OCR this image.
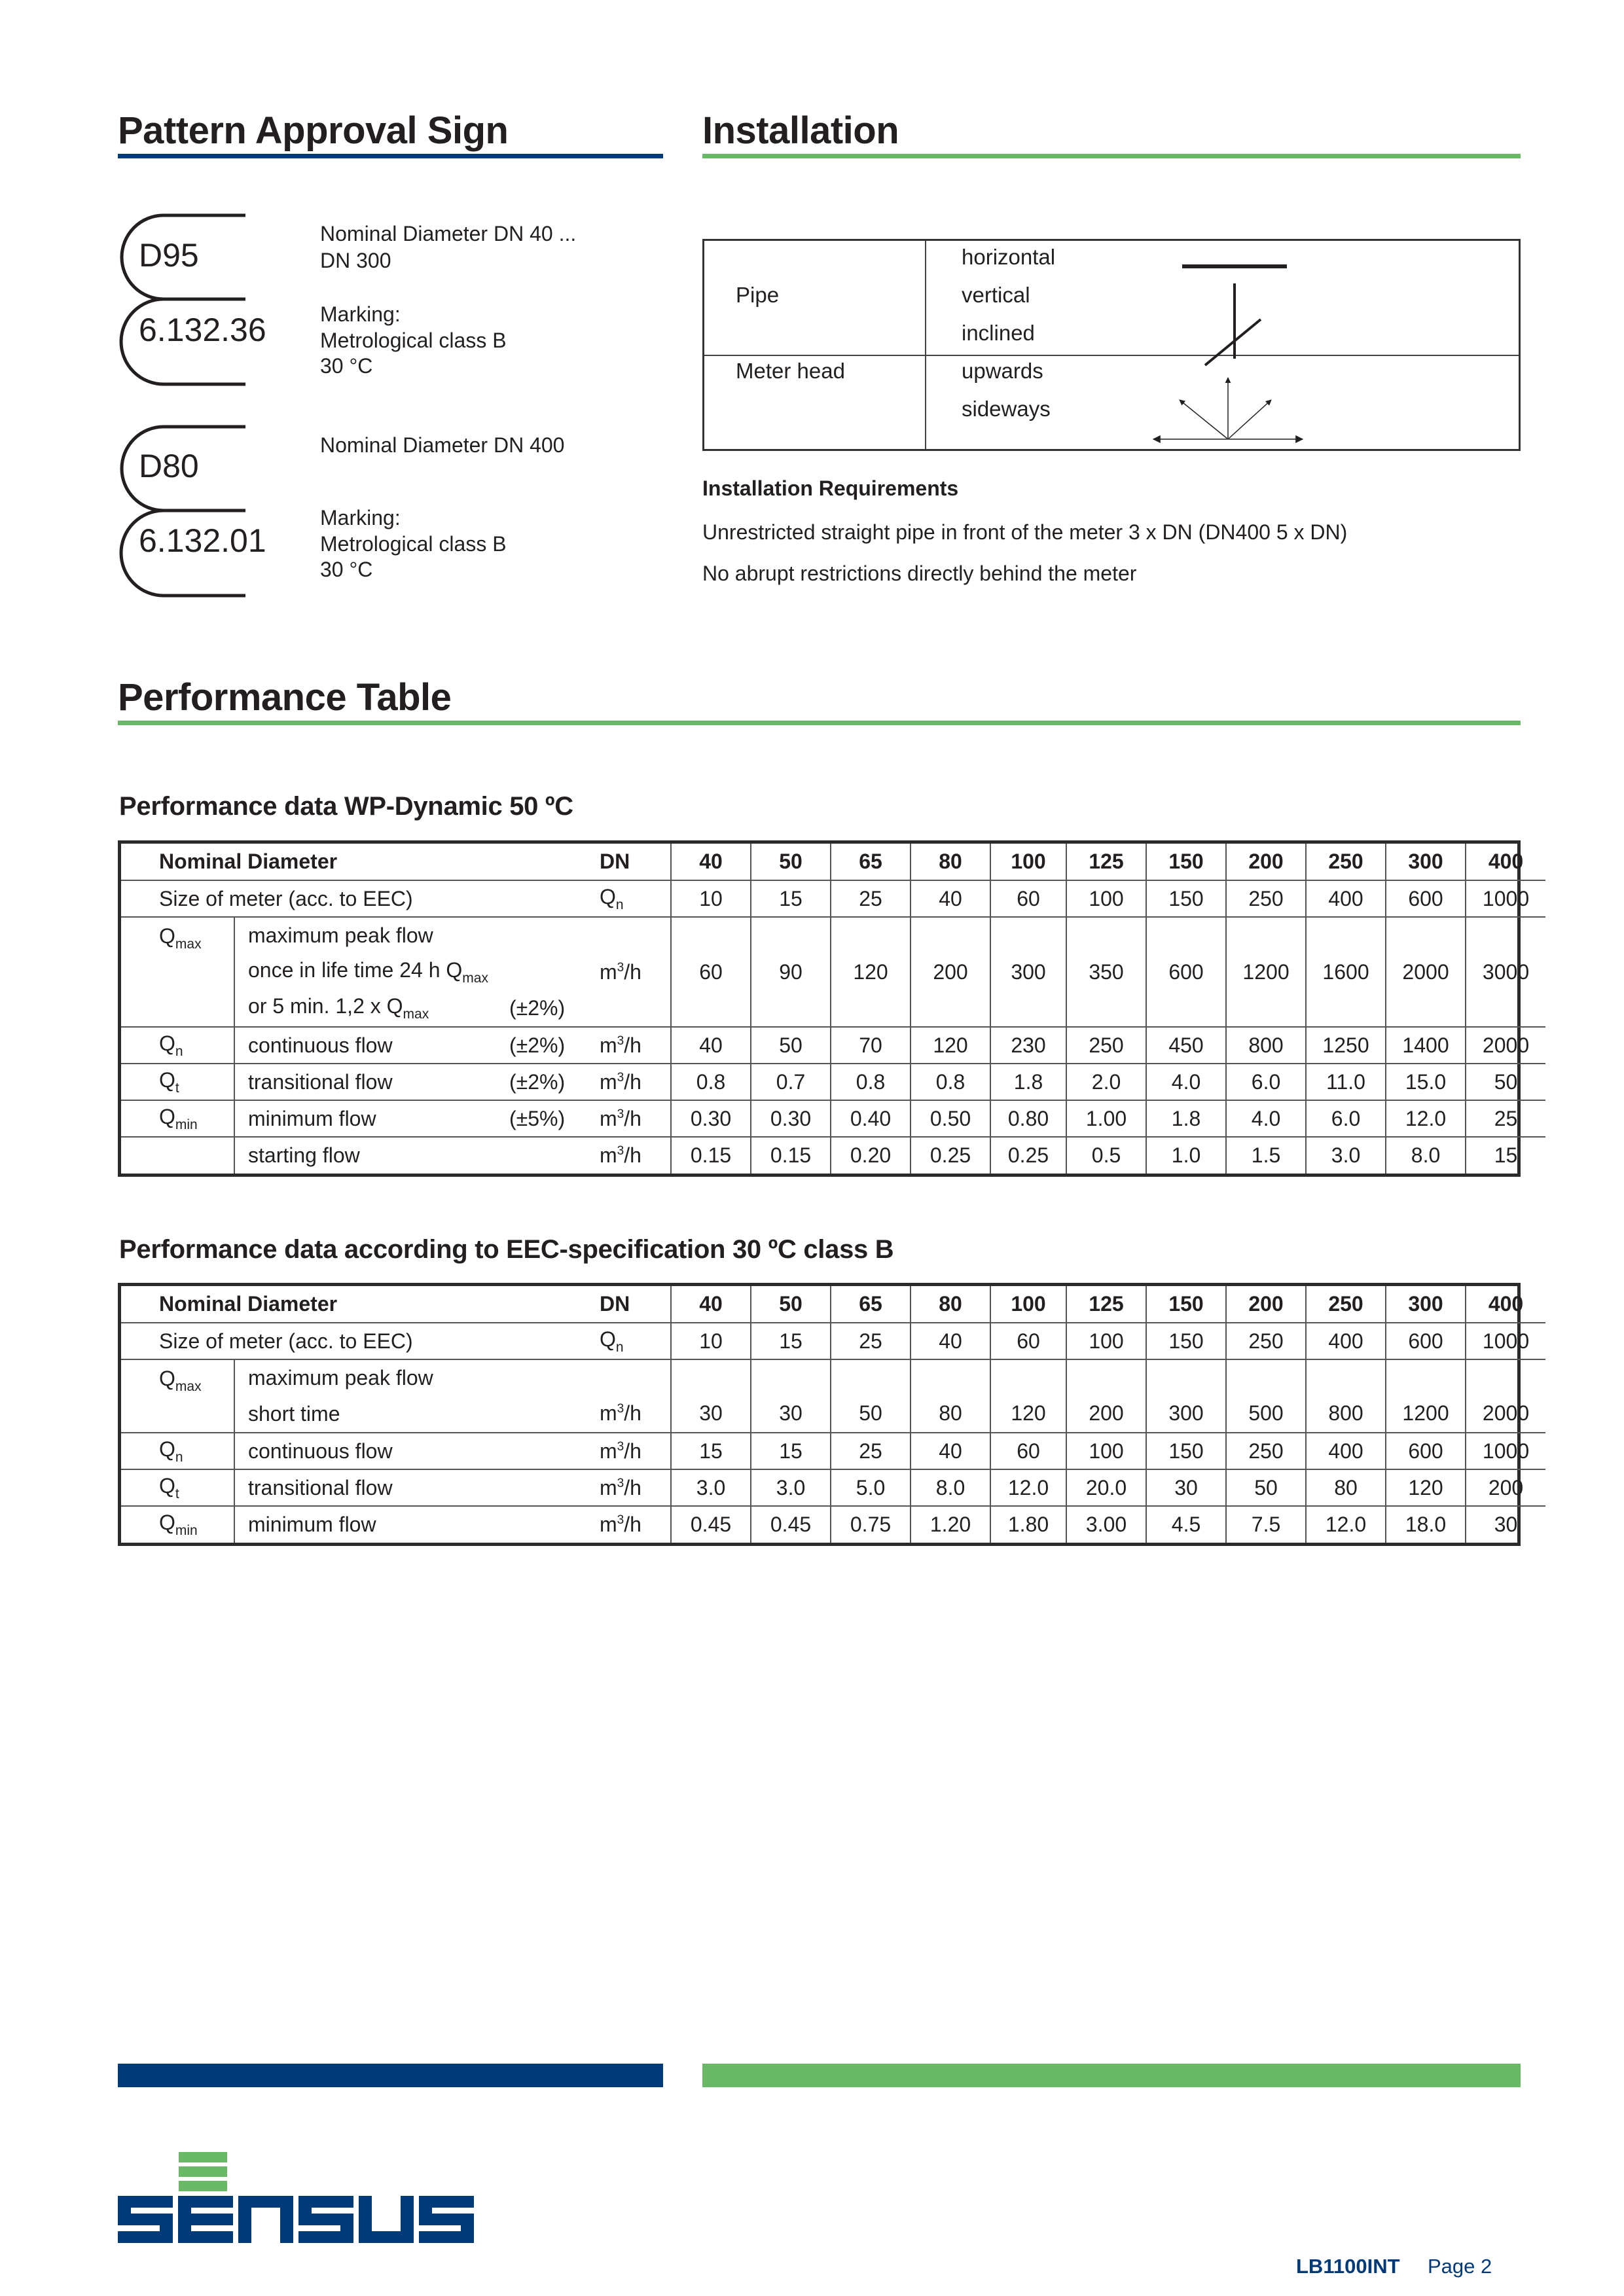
Pattern Approval Sign
D95
6.132.36
Nominal Diameter DN 40 ...
DN 300
Marking:
Metrological class B
30 °C
D80
6.132.01
Nominal Diameter DN 400
Marking:
Metrological class B
30 °C
Installation
Pipe
horizontal
vertical
inclined
Meter head	upwards
sideways
Installation Requirements
Unrestricted straight pipe in front of the meter 3 x DN (DN400 5 x DN)
No abrupt restrictions directly behind the meter
Performance Table
Performance data WP-Dynamic 50 ºC
Nominal Diameter			DN	40	50	65	80	100	125	150	200	250	300	400
Size of meter (acc. to EEC)			$Q_n$	10	15	25	40	60	100	150	250	400	600	1000
$Q_{max}$	maximum peak flow		$m^3/h$	60	90	120	200	300	350	600	1200	1600	2000	3000
	once in life time 24 h $Q_{max}$	
	or 5 min. 1,2 x $Q_{max}$	(±2%)												
$Q_n$	continuous flow	(±2%)	$m^3/h$	40	50	70	120	230	250	450	800	1250	1400	2000
$Q_t$	transitional flow	(±2%)	$m^3/h$	0.8	0.7	0.8	0.8	1.8	2.0	4.0	6.0	11.0	15.0	50
$Q_{min}$	minimum flow	(±5%)	$m^3/h$	0.30	0.30	0.40	0.50	0.80	1.00	1.8	4.0	6.0	12.0	25
	starting flow		$m^3/h$	0.15	0.15	0.20	0.25	0.25	0.5	1.0	1.5	3.0	8.0	15
Performance data according to EEC-specification 30 ºC class B
Nominal Diameter			DN	40	50	65	80	100	125	150	200	250	300	400
Size of meter (acc. to EEC)			$Q_n$	10	15	25	40	60	100	150	250	400	600	1000
$Q_{max}$	maximum peak flow		$m^3/h$	30	30	50	80	120	200	300	500	800	1200	2000
	short time													
$Q_n$	continuous flow		$m^3/h$	15	15	25	40	60	100	150	250	400	600	1000
$Q_t$	transitional flow		$m^3/h$	3.0	3.0	5.0	8.0	12.0	20.0	30	50	80	120	200
$Q_{min}$	minimum flow		$m^3/h$	0.45	0.45	0.75	1.20	1.80	3.00	4.5	7.5	12.0	18.0	30
LB1100INT Page 2
